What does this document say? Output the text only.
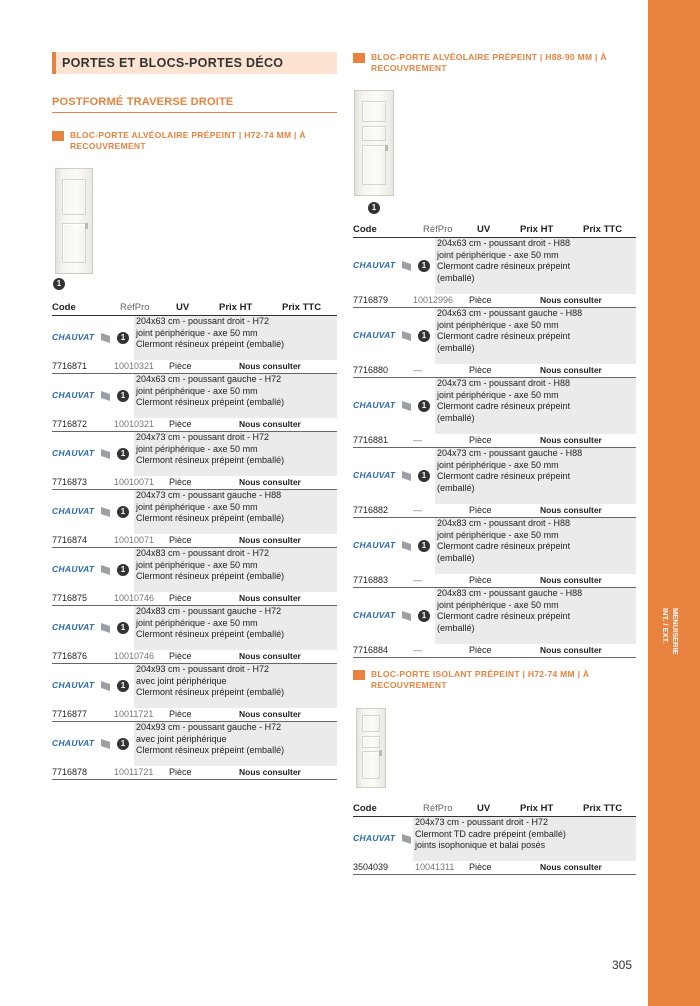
MENUISERIE
INT. / EXT.
305
PORTES ET BLOCS-PORTES DÉCO
POSTFORMÉ TRAVERSE DROITE
BLOC-PORTE ALVÉOLAIRE PRÉPEINT | H72-74 MM | À
RECOUVREMENT
1
Code	RéfPro	UV	Prix HT	Prix TTC
CHAUVAT	1
204x63 cm - poussant droit - H72
joint périphérique - axe 50 mm
Clermont résineux prépeint (emballé)
7716871	10010321 Pièce	Nous consulter
CHAUVAT	1
204x63 cm - poussant gauche - H72
joint périphérique - axe 50 mm
Clermont résineux prépeint (emballé)
7716872	10010321 Pièce	Nous consulter
CHAUVAT	1
204x73 cm - poussant droit - H72
joint périphérique - axe 50 mm
Clermont résineux prépeint (emballé)
7716873	10010071 Pièce	Nous consulter
CHAUVAT	1
204x73 cm - poussant gauche - H88
joint périphérique - axe 50 mm
Clermont résineux prépeint (emballé)
7716874	10010071 Pièce	Nous consulter
CHAUVAT	1
204x83 cm - poussant droit - H72
joint périphérique - axe 50 mm
Clermont résineux prépeint (emballé)
7716875	10010746 Pièce	Nous consulter
CHAUVAT	1
204x83 cm - poussant gauche - H72
joint périphérique - axe 50 mm
Clermont résineux prépeint (emballé)
7716876	10010746 Pièce	Nous consulter
CHAUVAT	1
204x93 cm - poussant droit - H72
avec joint périphérique
Clermont résineux prépeint (emballé)
7716877	10011721 Pièce	Nous consulter
CHAUVAT	1
204x93 cm - poussant gauche - H72
avec joint périphérique
Clermont résineux prépeint (emballé)
7716878	10011721 Pièce	Nous consulter
BLOC-PORTE ALVÉOLAIRE PRÉPEINT | H88-90 MM | À
RECOUVREMENT
1
Code	RéfPro	UV	Prix HT	Prix TTC
CHAUVAT	1
204x63 cm - poussant droit - H88
joint périphérique - axe 50 mm
Clermont cadre résineux prépeint
(emballé)
7716879	10012996 Pièce	Nous consulter
CHAUVAT	1
204x63 cm - poussant gauche - H88
joint périphérique - axe 50 mm
Clermont cadre résineux prépeint
(emballé)
7716880	—	Pièce	Nous consulter
CHAUVAT	1
204x73 cm - poussant droit - H88
joint périphérique - axe 50 mm
Clermont cadre résineux prépeint
(emballé)
7716881	—	Pièce	Nous consulter
CHAUVAT	1
204x73 cm - poussant gauche - H88
joint périphérique - axe 50 mm
Clermont cadre résineux prépeint
(emballé)
7716882	—	Pièce	Nous consulter
CHAUVAT	1
204x83 cm - poussant droit - H88
joint périphérique - axe 50 mm
Clermont cadre résineux prépeint
(emballé)
7716883	—	Pièce	Nous consulter
CHAUVAT	1
204x83 cm - poussant gauche - H88
joint périphérique - axe 50 mm
Clermont cadre résineux prépeint
(emballé)
7716884	—	Pièce	Nous consulter
BLOC-PORTE ISOLANT PRÉPEINT | H72-74 MM | À
RECOUVREMENT
Code	RéfPro	UV	Prix HT	Prix TTC
CHAUVAT
204x73 cm - poussant droit - H72
Clermont TD cadre prépeint (emballé)
joints isophonique et balai posés
3504039	10041311 Pièce	Nous consulter
